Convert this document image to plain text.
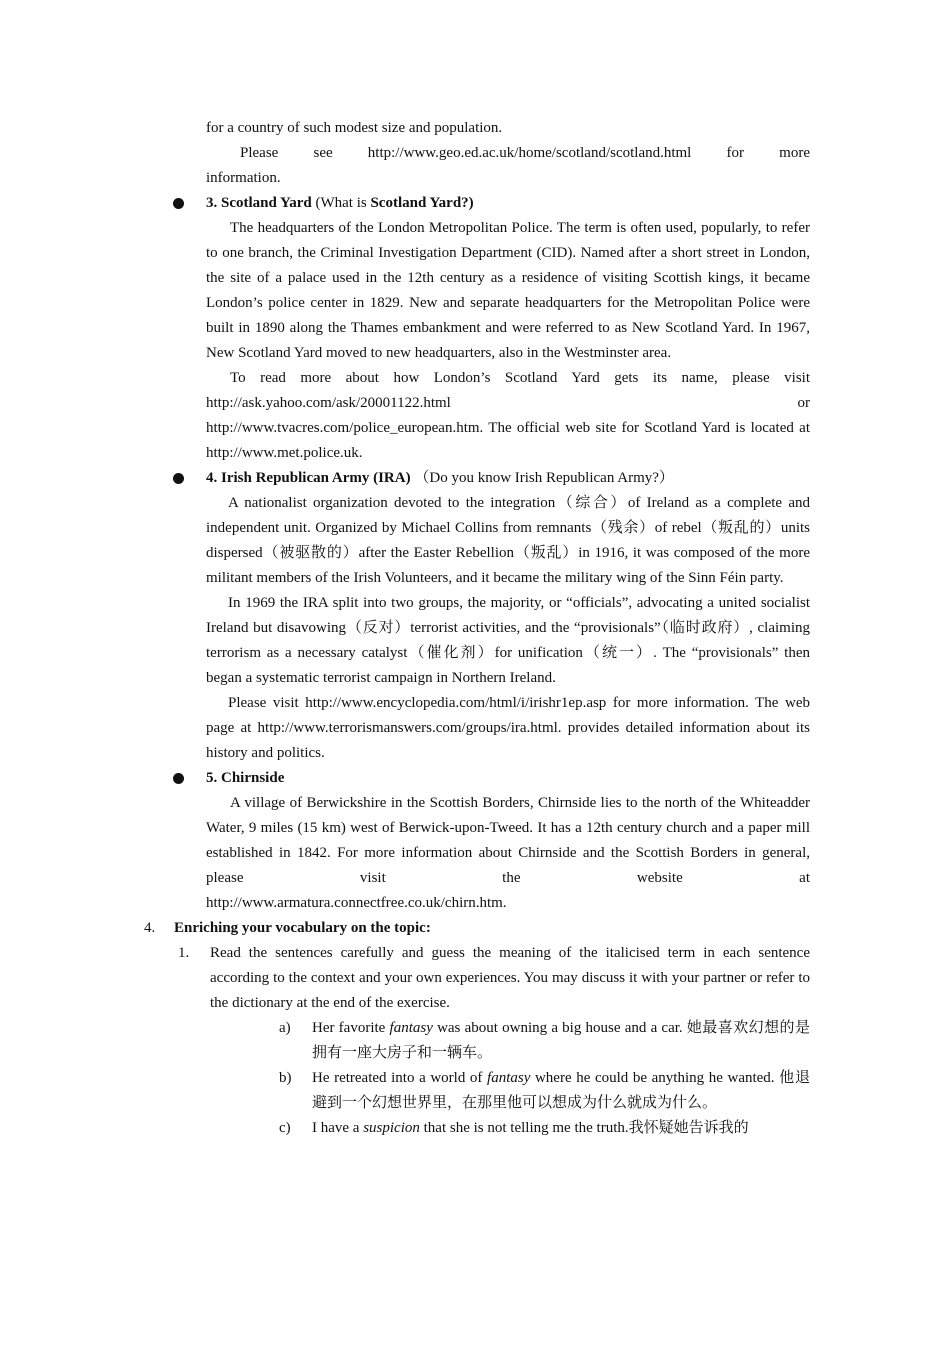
for a country of such modest size and population.

Please see http://www.geo.ed.ac.uk/home/scotland/scotland.html for more

information.

3. Scotland Yard (What is Scotland Yard?)

The headquarters of the London Metropolitan Police. The term is often used, popularly, to refer to one branch, the Criminal Investigation Department (CID). Named after a short street in London, the site of a palace used in the 12th century as a residence of visiting Scottish kings, it became London’s police center in 1829. New and separate headquarters for the Metropolitan Police were built in 1890 along the Thames embankment and were referred to as New Scotland Yard. In 1967, New Scotland Yard moved to new headquarters, also in the Westminster area.

To read more about how London’s Scotland Yard gets its name, please visit

http://ask.yahoo.com/ask/20001122.html	or

http://www.tvacres.com/police_european.htm. The official web site for Scotland Yard is located at http://www.met.police.uk.

4. Irish Republican Army (IRA) （Do you know Irish Republican Army?）

A nationalist organization devoted to the integration（综合）of Ireland as a complete and independent unit. Organized by Michael Collins from remnants（残余）of rebel（叛乱的）units dispersed（被驱散的）after the Easter Rebellion（叛乱）in 1916, it was composed of the more militant members of the Irish Volunteers, and it became the military wing of the Sinn Féin party.

In 1969 the IRA split into two groups, the majority, or “officials”, advocating a united socialist Ireland but disavowing（反对）terrorist activities, and the “provisionals”（临时政府）, claiming terrorism as a necessary catalyst（催化剂）for unification（统一）. The “provisionals” then began a systematic terrorist campaign in Northern Ireland.

Please visit http://www.encyclopedia.com/html/i/irishr1ep.asp for more information. The web page at http://www.terrorismanswers.com/groups/ira.html. provides detailed information about its history and politics.

5. Chirnside

A village of Berwickshire in the Scottish Borders, Chirnside lies to the north of the Whiteadder Water, 9 miles (15 km) west of Berwick-upon-Tweed. It has a 12th century church and a paper mill established in 1842. For more information about Chirnside and the Scottish Borders in general, please visit the website at

http://www.armatura.connectfree.co.uk/chirn.htm.

4. Enriching your vocabulary on the topic:
1. Read the sentences carefully and guess the meaning of the italicised term in each sentence according to the context and your own experiences. You may discuss it with your partner or refer to the dictionary at the end of the exercise.
a) Her favorite fantasy was about owning a big house and a car. 她最喜欢幻想的是拥有一座大房子和一辆车。
b) He retreated into a world of fantasy where he could be anything he wanted. 他退避到一个幻想世界里，在那里他可以想成为什么就成为什么。
c) I have a suspicion that she is not telling me the truth.我怀疑她告诉我的
